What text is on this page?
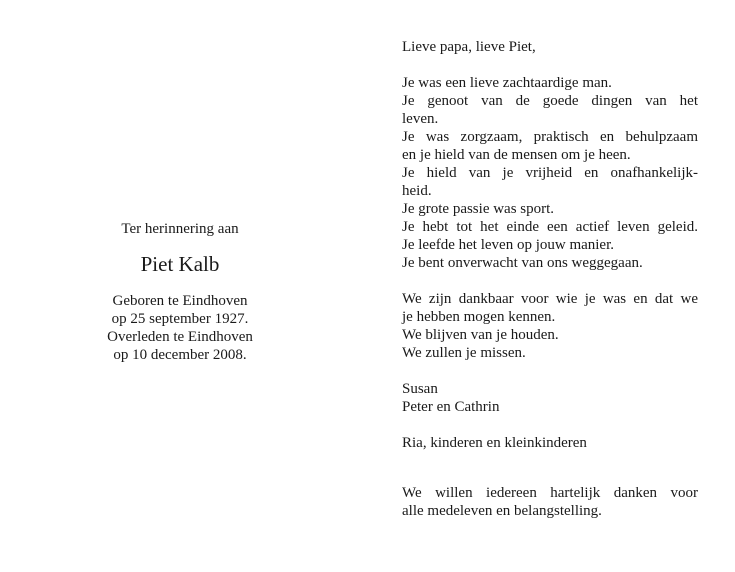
Ter herinnering aan

Piet Kalb
Geboren te Eindhoven
op 25 september 1927.
Overleden te Eindhoven
op 10 december 2008.
Lieve papa, lieve Piet,
Je was een lieve zachtaardige man.
Je genoot van de goede dingen van het
leven.
Je was zorgzaam, praktisch en behulpzaam
en je hield van de mensen om je heen.
Je hield van je vrijheid en onafhankelijk-
heid.
Je grote passie was sport.
Je hebt tot het einde een actief leven geleid.
Je leefde het leven op jouw manier.
Je bent onverwacht van ons weggegaan.
We zijn dankbaar voor wie je was en dat we
je hebben mogen kennen.
We blijven van je houden.
We zullen je missen.
Susan
Peter en Cathrin
Ria, kinderen en kleinkinderen
We willen iedereen hartelijk danken voor
alle medeleven en belangstelling.
